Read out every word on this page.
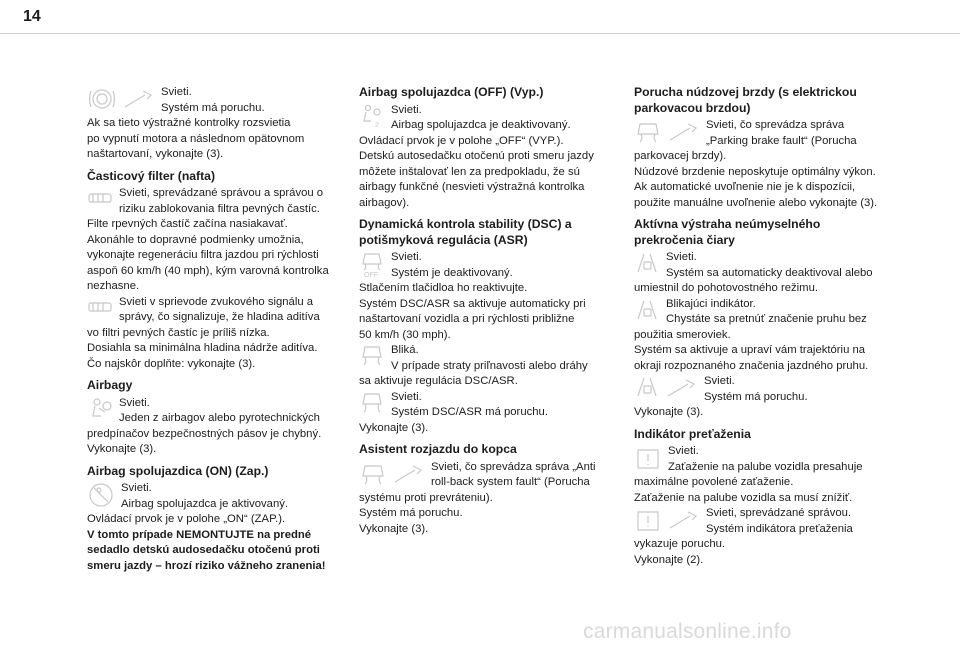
14

Svieti.

Systém má poruchu.

Ak sa tieto výstražné kontrolky rozsvietia

po vypnutí motora a následnom opätovnom

naštartovaní, vykonajte (3).

Časticový filter (nafta)

Svieti, sprevádzané správou a správou o

riziku zablokovania filtra pevných častíc.

Filte rpevných častíč začína nasiakavať.

Akonáhle to dopravné podmienky umožnia,

vykonajte regeneráciu filtra jazdou pri rýchlosti

aspoň 60 km/h (40 mph), kým varovná kontrolka

nezhasne.

Svieti v sprievode zvukového signálu a

správy, čo signalizuje, že hladina aditíva

vo filtri pevných častíc je príliš nízka.

Dosiahla sa minimálna hladina nádrže aditíva.

Čo najskôr doplňte: vykonajte (3).

Airbagy

Svieti.

Jeden z airbagov alebo pyrotechnických

predpínačov bezpečnostných pásov je chybný.

Vykonajte (3).

Airbag spolujazdica (ON) (Zap.)

Svieti.

Airbag spolujazdca je aktivovaný.

Ovládací prvok je v polohe „ON“ (ZAP.).

V tomto prípade NEMONTUJTE na predné

sedadlo detskú audosedačku otočenú proti

smeru jazdy – hrozí riziko vážneho zranenia!

Airbag spolujazdca (OFF) (Vyp.)
2

Svieti.

Airbag spolujazdca je deaktivovaný.

Ovládací prvok je v polohe „OFF“ (VYP.).

Detskú autosedačku otočenú proti smeru jazdy

môžete inštalovať len za predpokladu, že sú

airbagy funkčné (nesvieti výstražná kontrolka

airbagov).

Dynamická kontrola stability (DSC) a
potišmyková regulácia (ASR)
OFF

Svieti.

Systém je deaktivovaný.

Stlačením tlačidloa ho reaktivujte.

Systém DSC/ASR sa aktivuje automaticky pri

naštartovaní vozidla a pri rýchlosti približne

50 km/h (30 mph).

Bliká.

V prípade straty priľnavosti alebo dráhy

sa aktivuje regulácia DSC/ASR.

Svieti.

Systém DSC/ASR má poruchu.

Vykonajte (3).

Asistent rozjazdu do kopca

Svieti, čo sprevádza správa „Anti

roll-back system fault“ (Porucha

systému proti prevráteniu).

Systém má poruchu.

Vykonajte (3).

Porucha núdzovej brzdy (s elektrickou
parkovacou brzdou)

Svieti, čo sprevádza správa

„Parking brake fault“ (Porucha

parkovacej brzdy).

Núdzové brzdenie neposkytuje optimálny výkon.

Ak automatické uvoľnenie nie je k dispozícii,

použite manuálne uvoľnenie alebo vykonajte (3).

Aktívna výstraha neúmyselného
prekročenia čiary

Svieti.

Systém sa automaticky deaktivoval alebo

umiestnil do pohotovostného režimu.

Blikajúci indikátor.

Chystáte sa pretnúť značenie pruhu bez

použitia smeroviek.

Systém sa aktivuje a upraví vám trajektóriu na

okraji rozpoznaného značenia jazdného pruhu.

Svieti.

Systém má poruchu.

Vykonajte (3).

Indikátor preťaženia

Svieti.

Zaťaženie na palube vozidla presahuje

maximálne povolené zaťaženie.

Zaťaženie na palube vozidla sa musí znížiť.

Svieti, sprevádzané správou.

Systém indikátora preťaženia

vykazuje poruchu.

Vykonajte (2).

carmanualsonline.info
